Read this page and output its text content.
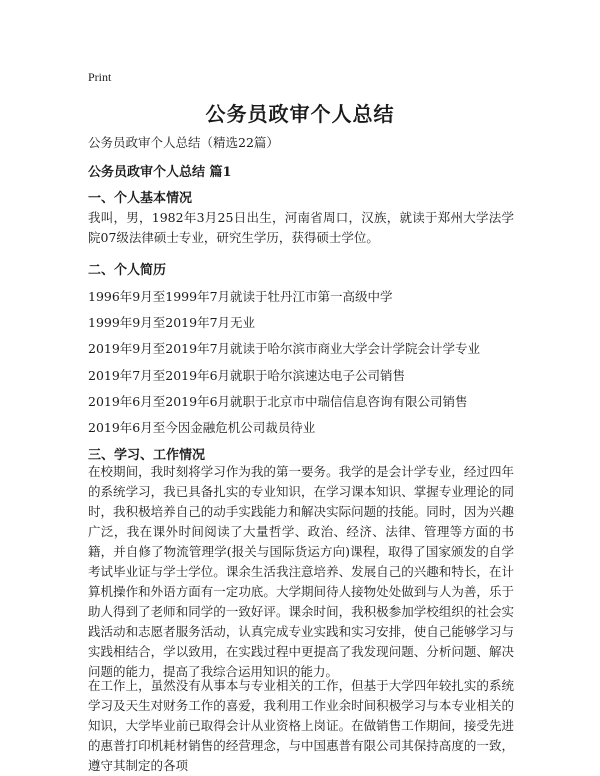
Print
公务员政审个人总结
公务员政审个人总结（精选22篇）
公务员政审个人总结 篇1
一、个人基本情况
我叫，男，1982年3月25日出生，河南省周口，汉族，就读于郑州大学法学院07级法律硕士专业，研究生学历，获得硕士学位。
二、个人简历
1996年9月至1999年7月就读于牡丹江市第一高级中学
1999年9月至2019年7月无业
2019年9月至2019年7月就读于哈尔滨市商业大学会计学院会计学专业
2019年7月至2019年6月就职于哈尔滨速达电子公司销售
2019年6月至2019年6月就职于北京市中瑞信信息咨询有限公司销售
2019年6月至今因金融危机公司裁员待业
三、学习、工作情况
在校期间，我时刻将学习作为我的第一要务。我学的是会计学专业，经过四年的系统学习，我已具备扎实的专业知识，在学习课本知识、掌握专业理论的同时，我积极培养自己的动手实践能力和解决实际问题的技能。同时，因为兴趣广泛，我在课外时间阅读了大量哲学、政治、经济、法律、管理等方面的书籍，并自修了物流管理学(报关与国际货运方向)课程，取得了国家颁发的自学考试毕业证与学士学位。课余生活我注意培养、发展自己的兴趣和特长，在计算机操作和外语方面有一定功底。大学期间待人接物处处做到与人为善，乐于助人得到了老师和同学的一致好评。课余时间，我积极参加学校组织的社会实践活动和志愿者服务活动，认真完成专业实践和实习安排，使自己能够学习与实践相结合，学以致用，在实践过程中更提高了我发现问题、分析问题、解决问题的能力，提高了我综合运用知识的能力。
在工作上，虽然没有从事本与专业相关的工作，但基于大学四年较扎实的系统学习及天生对财务工作的喜爱，我利用工作业余时间积极学习与本专业相关的知识，大学毕业前已取得会计从业资格上岗证。在做销售工作期间，接受先进的惠普打印机耗材销售的经营理念，与中国惠普有限公司其保持高度的一致，遵守其制定的各项
